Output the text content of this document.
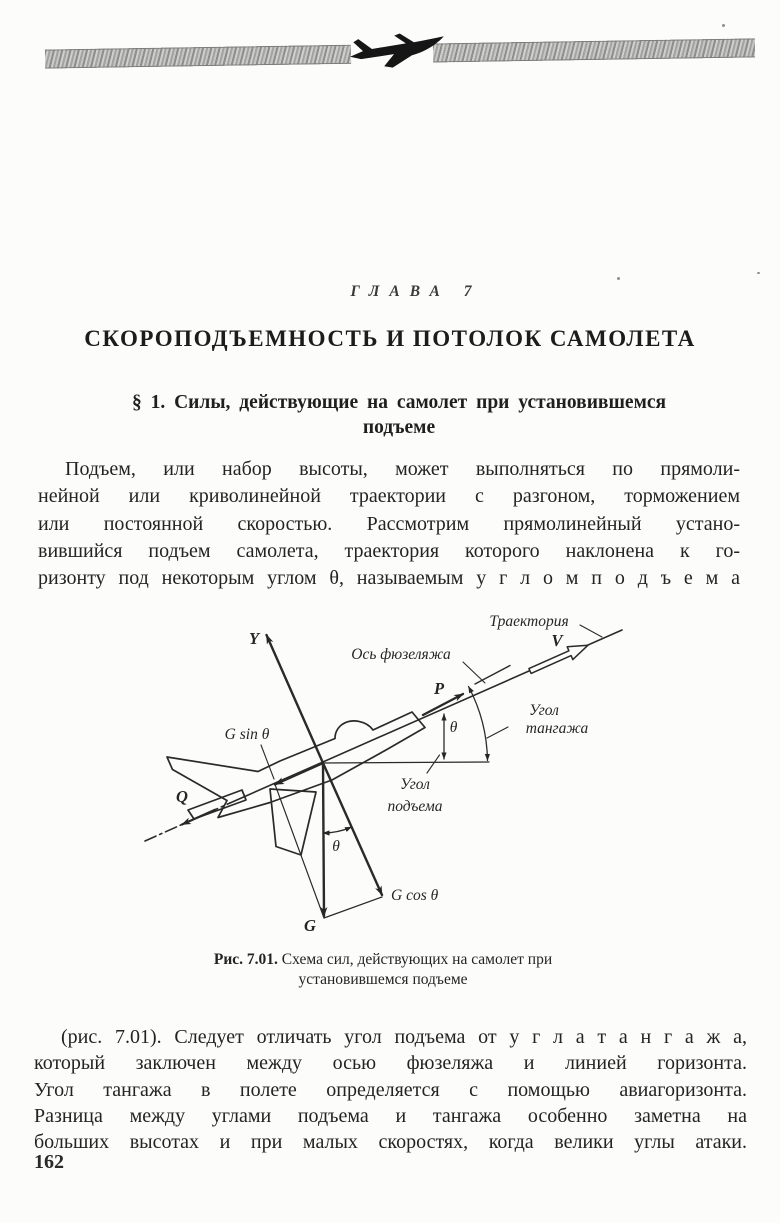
ГЛАВА 7
СКОРОПОДЪЕМНОСТЬ И ПОТОЛОК САМОЛЕТА
§ 1. Силы, действующие на самолет при установившемся
подъеме
Подъем, или набор высоты, может выполняться по прямоли-
нейной или криволинейной траектории с разгоном, торможением
или постоянной скоростью. Рассмотрим прямолинейный устано-
вившийся подъем самолета, траектория которого наклонена к го-
ризонту под некоторым углом θ, называемым у г л о м п о д ъ е м а
Траектория
Ось фюзеляжа
Угол
тангажа
Угол
подъема
V
Y
P
Q
G
G sin θ
G cos θ
θ
θ
Рис. 7.01. Схема сил, действующих на самолет при
установившемся подъеме
(рис. 7.01). Следует отличать угол подъема от у г л а т а н г а ж а,
который заключен между осью фюзеляжа и линией горизонта.
Угол тангажа в полете определяется с помощью авиагоризонта.
Разница между углами подъема и тангажа особенно заметна на
больших высотах и при малых скоростях, когда велики углы атаки.
162
